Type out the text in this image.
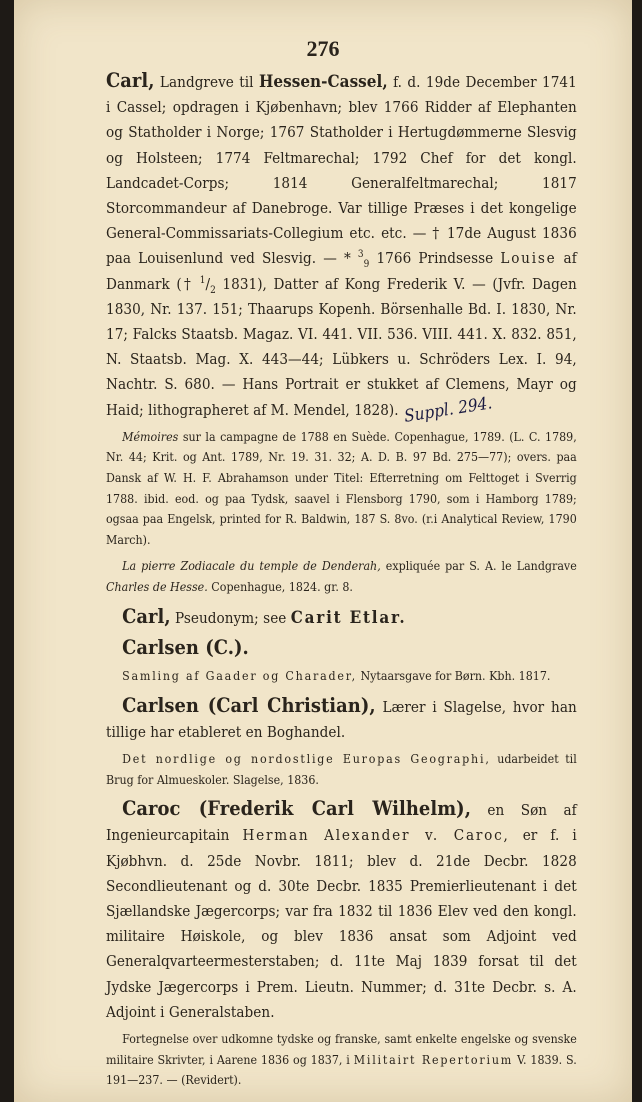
276
Carl, Landgreve til Hessen-Cassel, f. d. 19de December 1741 i Cassel; opdragen i Kjøbenhavn; blev 1766 Ridder af Elephanten og Statholder i Norge; 1767 Statholder i Hertugdømmerne Slesvig og Holsteen; 1774 Feltmarechal; 1792 Chef for det kongl. Landcadet-Corps; 1814 Generalfeltmarechal; 1817 Storcommandeur af Danebroge. Var tillige Præses i det kongelige General-Commissariats-Collegium etc. etc. — † 17de August 1836 paa Louisenlund ved Slesvig. — * $^3_9$ 1766 Prindsesse Louise af Danmark († $^1/_2$ 1831), Datter af Kong Frederik V. — (Jvfr. Dagen 1830, Nr. 137. 151; Thaarups Kopenh. Börsenhalle Bd. I. 1830, Nr. 17; Falcks Staatsb. Magaz. VI. 441. VII. 536. VIII. 441. X. 832. 851, N. Staatsb. Mag. X. 443—44; Lübkers u. Schröders Lex. I. 94, Nachtr. S. 680. — Hans Portrait er stukket af Clemens, Mayr og Haid; lithographeret af M. Mendel, 1828). Suppl. 294.
Mémoires sur la campagne de 1788 en Suède. Copenhague, 1789. (L. C. 1789, Nr. 44; Krit. og Ant. 1789, Nr. 19. 31. 32; A. D. B. 97 Bd. 275—77); overs. paa Dansk af W. H. F. Abrahamson under Titel: Efterretning om Felttoget i Sverrig 1788. ibid. eod. og paa Tydsk, saavel i Flensborg 1790, som i Hamborg 1789; ogsaa paa Engelsk, printed for R. Baldwin, 187 S. 8vo. (r.i Analytical Review, 1790 March).
La pierre Zodiacale du temple de Denderah, expliquée par S. A. le Landgrave Charles de Hesse. Copenhague, 1824. gr. 8.
Carl, Pseudonym; see Carit Etlar.
Carlsen (C.).
Samling af Gaader og Charader, Nytaarsgave for Børn. Kbh. 1817.
Carlsen (Carl Christian), Lærer i Slagelse, hvor han tillige har etableret en Boghandel.
Det nordlige og nordostlige Europas Geographi, udarbeidet til Brug for Almueskoler. Slagelse, 1836.
Caroc (Frederik Carl Wilhelm), en Søn af Ingenieurcapitain Herman Alexander v. Caroc, er f. i Kjøbhvn. d. 25de Novbr. 1811; blev d. 21de Decbr. 1828 Secondlieutenant og d. 30te Decbr. 1835 Premierlieutenant i det Sjællandske Jægercorps; var fra 1832 til 1836 Elev ved den kongl. militaire Høiskole, og blev 1836 ansat som Adjoint ved Generalqvarteermesterstaben; d. 11te Maj 1839 forsat til det Jydske Jægercorps i Prem. Lieutn. Nummer; d. 31te Decbr. s. A. Adjoint i Generalstaben.
Fortegnelse over udkomne tydske og franske, samt enkelte engelske og svenske militaire Skrivter, i Aarene 1836 og 1837, i Militairt Repertorium V. 1839. S. 191—237. — (Revidert).
